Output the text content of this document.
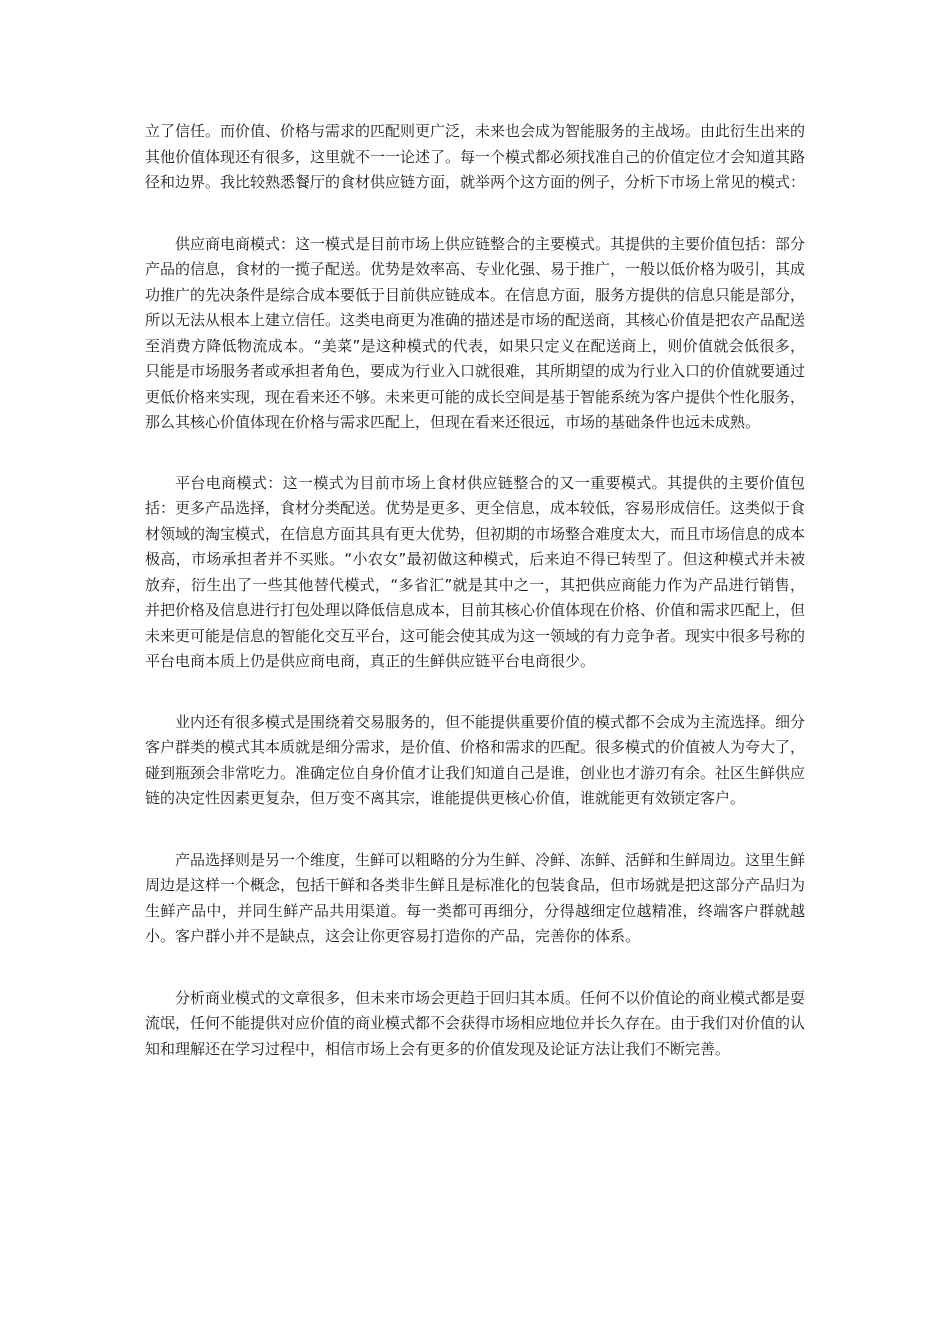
立了信任。而价值、价格与需求的匹配则更广泛，未来也会成为智能服务的主战场。由此衍生出来的其他价值体现还有很多，这里就不一一论述了。每一个模式都必须找准自己的价值定位才会知道其路径和边界。我比较熟悉餐厅的食材供应链方面，就举两个这方面的例子，分析下市场上常见的模式：

供应商电商模式：这一模式是目前市场上供应链整合的主要模式。其提供的主要价值包括：部分产品的信息，食材的一揽子配送。优势是效率高、专业化强、易于推广，一般以低价格为吸引，其成功推广的先决条件是综合成本要低于目前供应链成本。在信息方面，服务方提供的信息只能是部分，所以无法从根本上建立信任。这类电商更为准确的描述是市场的配送商，其核心价值是把农产品配送至消费方降低物流成本。“美菜”是这种模式的代表，如果只定义在配送商上，则价值就会低很多，只能是市场服务者或承担者角色，要成为行业入口就很难，其所期望的成为行业入口的价值就要通过更低价格来实现，现在看来还不够。未来更可能的成长空间是基于智能系统为客户提供个性化服务，那么其核心价值体现在价格与需求匹配上，但现在看来还很远，市场的基础条件也远未成熟。

平台电商模式：这一模式为目前市场上食材供应链整合的又一重要模式。其提供的主要价值包括：更多产品选择，食材分类配送。优势是更多、更全信息，成本较低，容易形成信任。这类似于食材领域的淘宝模式，在信息方面其具有更大优势，但初期的市场整合难度太大，而且市场信息的成本极高，市场承担者并不买账。“小农女”最初做这种模式，后来迫不得已转型了。但这种模式并未被放弃，衍生出了一些其他替代模式，“多省汇”就是其中之一，其把供应商能力作为产品进行销售，并把价格及信息进行打包处理以降低信息成本，目前其核心价值体现在价格、价值和需求匹配上，但未来更可能是信息的智能化交互平台，这可能会使其成为这一领域的有力竞争者。现实中很多号称的平台电商本质上仍是供应商电商，真正的生鲜供应链平台电商很少。

业内还有很多模式是围绕着交易服务的，但不能提供重要价值的模式都不会成为主流选择。细分客户群类的模式其本质就是细分需求，是价值、价格和需求的匹配。很多模式的价值被人为夸大了，碰到瓶颈会非常吃力。准确定位自身价值才让我们知道自己是谁，创业也才游刃有余。社区生鲜供应链的决定性因素更复杂，但万变不离其宗，谁能提供更核心价值，谁就能更有效锁定客户。

产品选择则是另一个维度，生鲜可以粗略的分为生鲜、冷鲜、冻鲜、活鲜和生鲜周边。这里生鲜周边是这样一个概念，包括干鲜和各类非生鲜且是标准化的包装食品，但市场就是把这部分产品归为生鲜产品中，并同生鲜产品共用渠道。每一类都可再细分，分得越细定位越精准，终端客户群就越小。客户群小并不是缺点，这会让你更容易打造你的产品，完善你的体系。

分析商业模式的文章很多，但未来市场会更趋于回归其本质。任何不以价值论的商业模式都是耍流氓，任何不能提供对应价值的商业模式都不会获得市场相应地位并长久存在。由于我们对价值的认知和理解还在学习过程中，相信市场上会有更多的价值发现及论证方法让我们不断完善。
